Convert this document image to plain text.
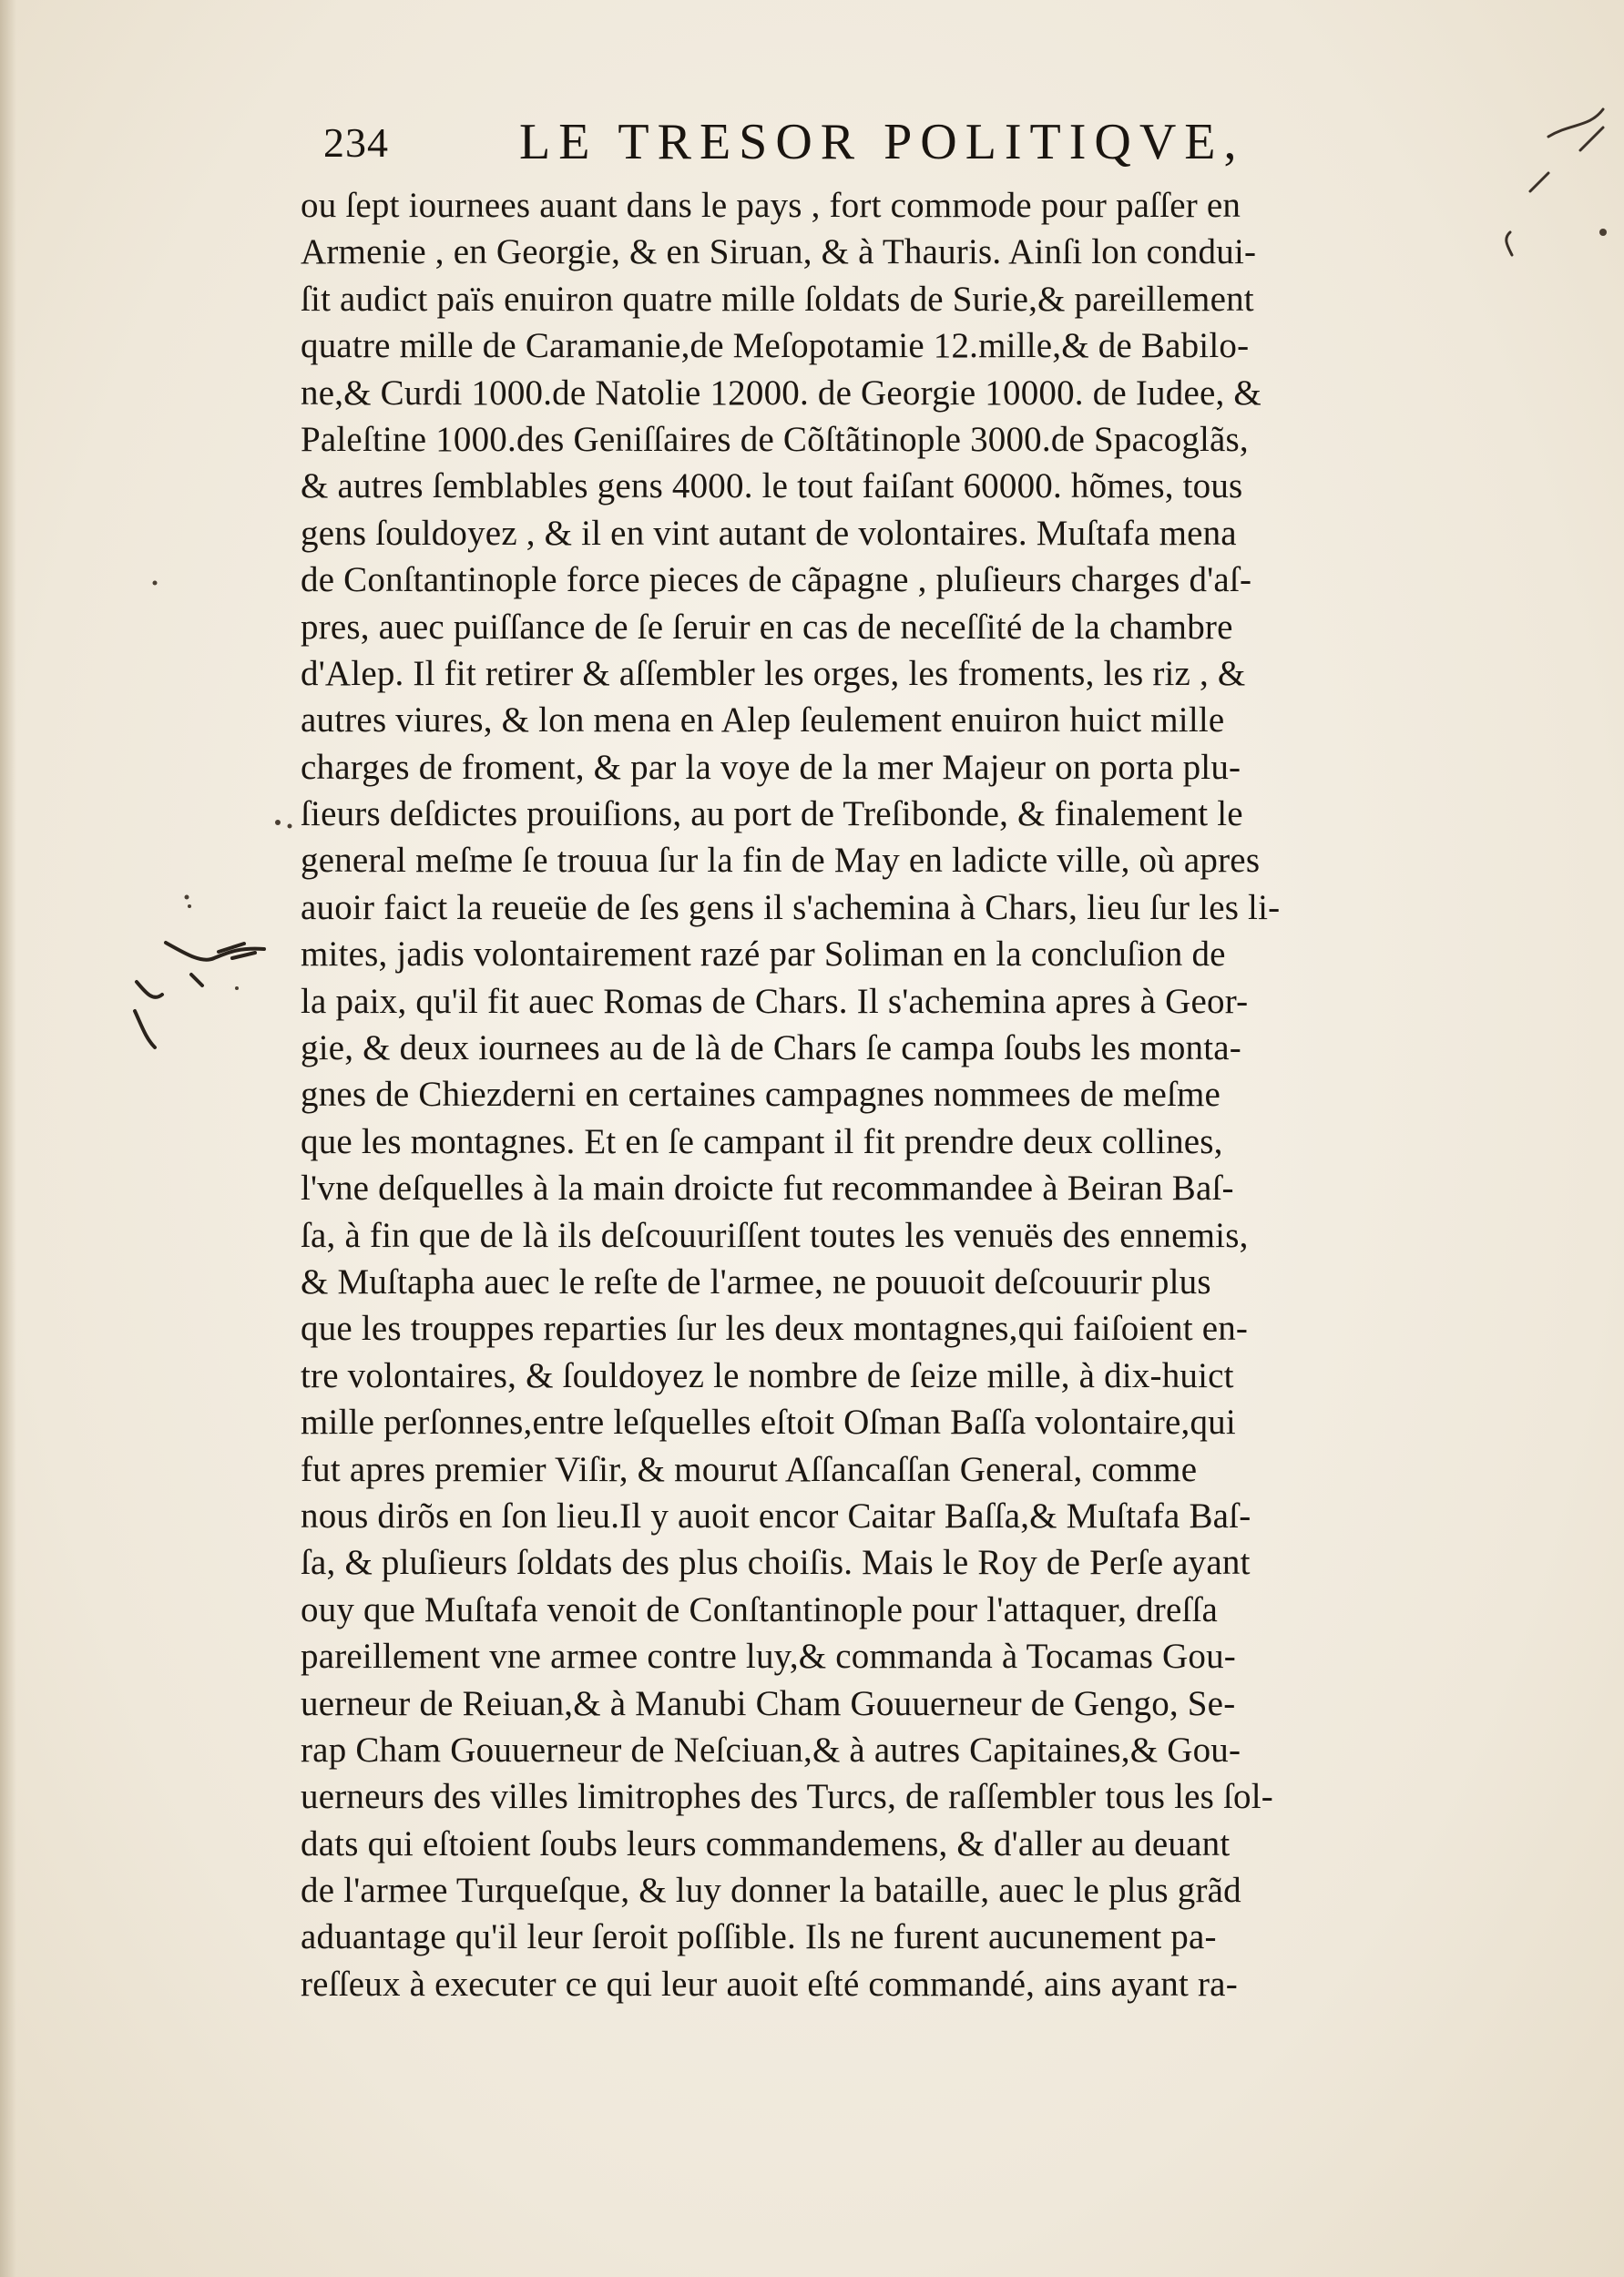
234	LE TRESOR POLITIQVE,
ou ſept iournees auant dans le pays , fort commode pour paſſer en
Armenie , en Georgie, & en Siruan, & à Thauris. Ainſi lon condui-
ſit audict païs enuiron quatre mille ſoldats de Surie,& pareillement
quatre mille de Caramanie,de Meſopotamie 12.mille,& de Babilo-
ne,& Curdi 1000.de Natolie 12000. de Georgie 10000. de Iudee, &
Paleſtine 1000.des Geniſſaires de Cõſtãtinople 3000.de Spacoglãs,
& autres ſemblables gens 4000. le tout faiſant 60000. hõmes, tous
gens ſouldoyez , & il en vint autant de volontaires. Muſtafa mena
de Conſtantinople force pieces de cãpagne , pluſieurs charges d'aſ-
pres, auec puiſſance de ſe ſeruir en cas de neceſſité de la chambre
d'Alep. Il fit retirer & aſſembler les orges, les froments, les riz , &
autres viures, & lon mena en Alep ſeulement enuiron huict mille
charges de froment, & par la voye de la mer Majeur on porta plu-
ſieurs deſdictes prouiſions, au port de Treſibonde, & finalement le
general meſme ſe trouua ſur la fin de May en ladicte ville, où apres
auoir faict la reueüe de ſes gens il s'achemina à Chars, lieu ſur les li-
mites, jadis volontairement razé par Soliman en la concluſion de
la paix, qu'il fit auec Romas de Chars. Il s'achemina apres à Geor-
gie, & deux iournees au de là de Chars ſe campa ſoubs les monta-
gnes de Chiezderni en certaines campagnes nommees de meſme
que les montagnes. Et en ſe campant il fit prendre deux collines,
l'vne deſquelles à la main droicte fut recommandee à Beiran Baſ-
ſa, à fin que de là ils deſcouuriſſent toutes les venuës des ennemis,
& Muſtapha auec le reſte de l'armee, ne pouuoit deſcouurir plus
que les trouppes reparties ſur les deux montagnes,qui faiſoient en-
tre volontaires, & ſouldoyez le nombre de ſeize mille, à dix-huict
mille perſonnes,entre leſquelles eſtoit Oſman Baſſa volontaire,qui
fut apres premier Viſir, & mourut Aſſancaſſan General, comme
nous dirõs en ſon lieu.Il y auoit encor Caitar Baſſa,& Muſtafa Baſ-
ſa, & pluſieurs ſoldats des plus choiſis. Mais le Roy de Perſe ayant
ouy que Muſtafa venoit de Conſtantinople pour l'attaquer, dreſſa
pareillement vne armee contre luy,& commanda à Tocamas Gou-
uerneur de Reiuan,& à Manubi Cham Gouuerneur de Gengo, Se-
rap Cham Gouuerneur de Neſciuan,& à autres Capitaines,& Gou-
uerneurs des villes limitrophes des Turcs, de raſſembler tous les ſol-
dats qui eſtoient ſoubs leurs commandemens, & d'aller au deuant
de l'armee Turqueſque, & luy donner la bataille, auec le plus grãd
aduantage qu'il leur ſeroit poſſible. Ils ne furent aucunement pa-
reſſeux à executer ce qui leur auoit eſté commandé, ains ayant ra-
